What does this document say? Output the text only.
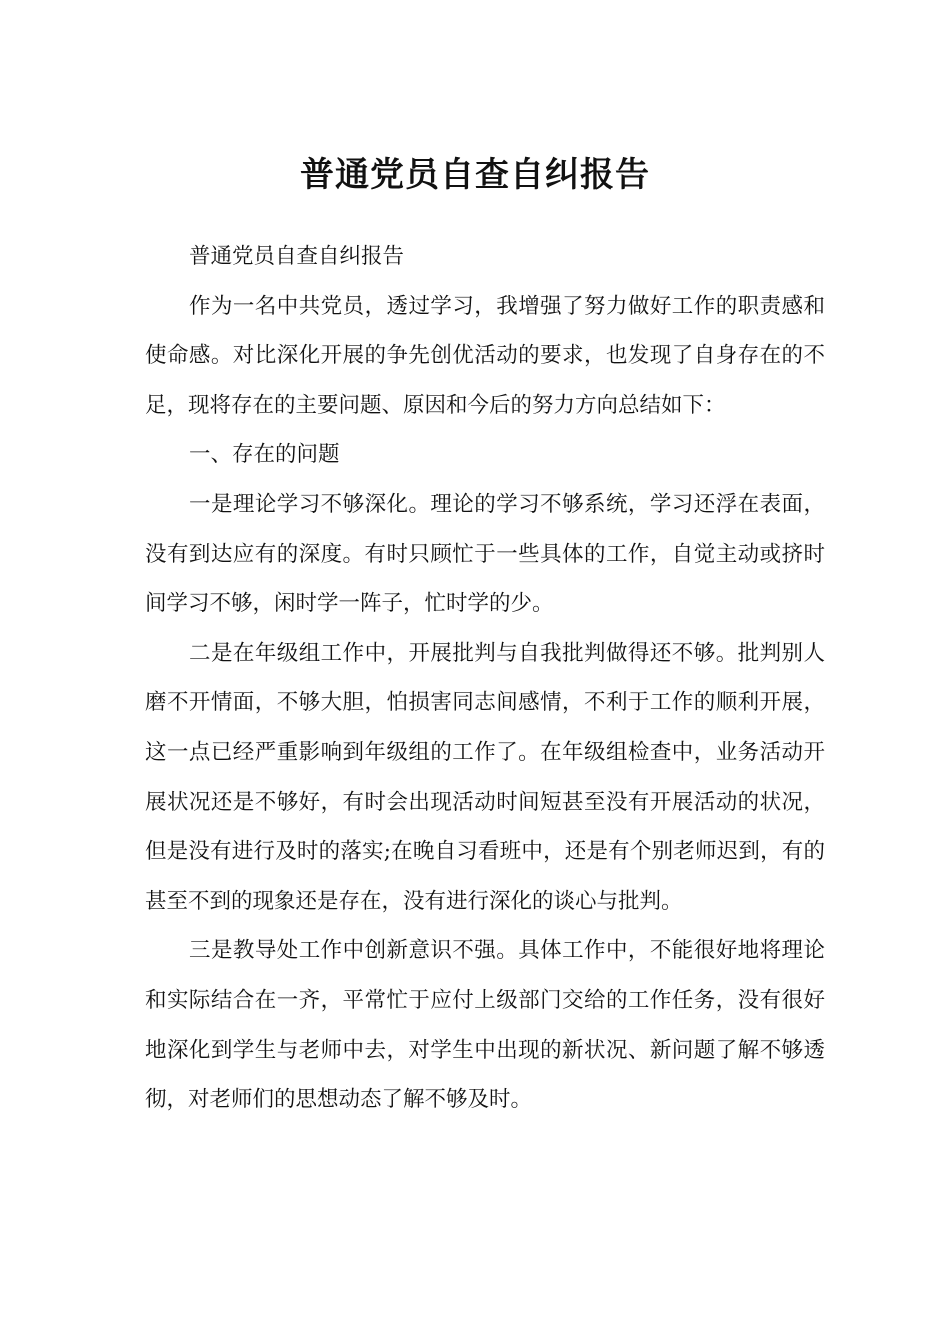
普通党员自查自纠报告

普通党员自查自纠报告

作为一名中共党员，透过学习，我增强了努力做好工作的职责感和使命感。对比深化开展的争先创优活动的要求，也发现了自身存在的不足，现将存在的主要问题、原因和今后的努力方向总结如下：

一、存在的问题

一是理论学习不够深化。理论的学习不够系统，学习还浮在表面，没有到达应有的深度。有时只顾忙于一些具体的工作，自觉主动或挤时间学习不够，闲时学一阵子，忙时学的少。

二是在年级组工作中，开展批判与自我批判做得还不够。批判别人磨不开情面，不够大胆，怕损害同志间感情，不利于工作的顺利开展，这一点已经严重影响到年级组的工作了。在年级组检查中，业务活动开展状况还是不够好，有时会出现活动时间短甚至没有开展活动的状况，但是没有进行及时的落实;在晚自习看班中，还是有个别老师迟到，有的甚至不到的现象还是存在，没有进行深化的谈心与批判。

三是教导处工作中创新意识不强。具体工作中，不能很好地将理论和实际结合在一齐，平常忙于应付上级部门交给的工作任务，没有很好地深化到学生与老师中去，对学生中出现的新状况、新问题了解不够透彻，对老师们的思想动态了解不够及时。
